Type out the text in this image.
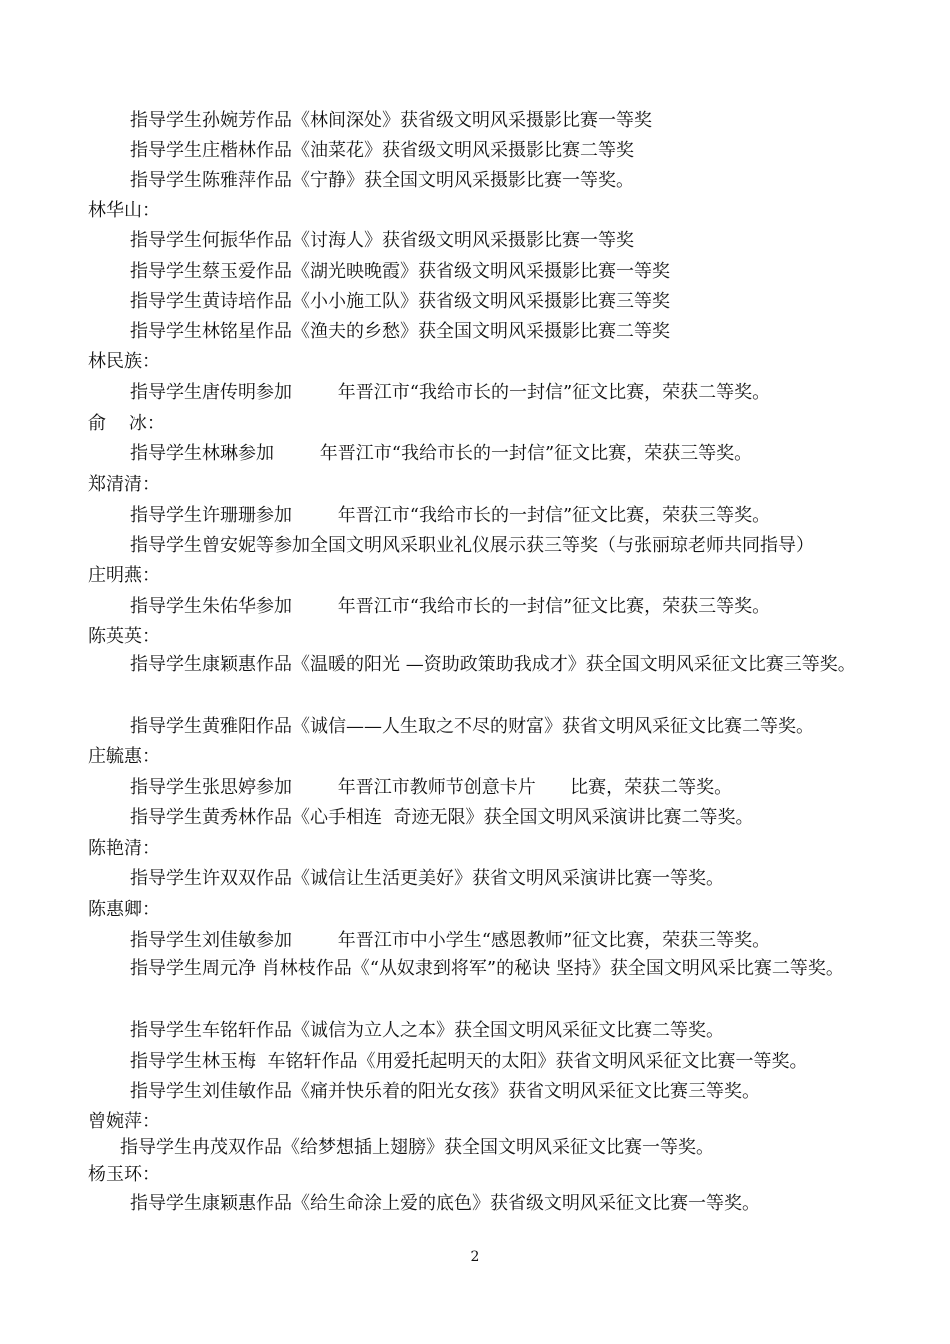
指导学生孙婉芳作品《林间深处》获省级文明风采摄影比赛一等奖
指导学生庄楷林作品《油菜花》获省级文明风采摄影比赛二等奖
指导学生陈雅萍作品《宁静》获全国文明风采摄影比赛一等奖。
林华山：
指导学生何振华作品《讨海人》获省级文明风采摄影比赛一等奖
指导学生蔡玉爱作品《湖光映晚霞》获省级文明风采摄影比赛一等奖
指导学生黄诗培作品《小小施工队》获省级文明风采摄影比赛三等奖
指导学生林铭星作品《渔夫的乡愁》获全国文明风采摄影比赛二等奖
林民族：
指导学生唐传明参加        年晋江市“我给市长的一封信”征文比赛，荣获二等奖。
俞    冰：
指导学生林琳参加        年晋江市“我给市长的一封信”征文比赛，荣获三等奖。
郑清清：
指导学生许珊珊参加        年晋江市“我给市长的一封信”征文比赛，荣获三等奖。
指导学生曾安妮等参加全国文明风采职业礼仪展示获三等奖（与张丽琼老师共同指导）
庄明燕：
指导学生朱佑华参加        年晋江市“我给市长的一封信”征文比赛，荣获三等奖。
陈英英：
指导学生康颖惠作品《温暖的阳光 —资助政策助我成才》获全国文明风采征文比赛三等奖。
指导学生黄雅阳作品《诚信——人生取之不尽的财富》获省文明风采征文比赛二等奖。
庄毓惠：
指导学生张思婷参加        年晋江市教师节创意卡片      比赛，荣获二等奖。
指导学生黄秀林作品《心手相连  奇迹无限》获全国文明风采演讲比赛二等奖。
陈艳清：
指导学生许双双作品《诚信让生活更美好》获省文明风采演讲比赛一等奖。
陈惠卿：
指导学生刘佳敏参加        年晋江市中小学生“感恩教师”征文比赛，荣获三等奖。
指导学生周元净 肖林枝作品《“从奴隶到将军”的秘诀 坚持》获全国文明风采比赛二等奖。
指导学生车铭轩作品《诚信为立人之本》获全国文明风采征文比赛二等奖。
指导学生林玉梅  车铭轩作品《用爱托起明天的太阳》获省文明风采征文比赛一等奖。
指导学生刘佳敏作品《痛并快乐着的阳光女孩》获省文明风采征文比赛三等奖。
曾婉萍：
指导学生冉茂双作品《给梦想插上翅膀》获全国文明风采征文比赛一等奖。
杨玉环：
指导学生康颖惠作品《给生命涂上爱的底色》获省级文明风采征文比赛一等奖。
2
